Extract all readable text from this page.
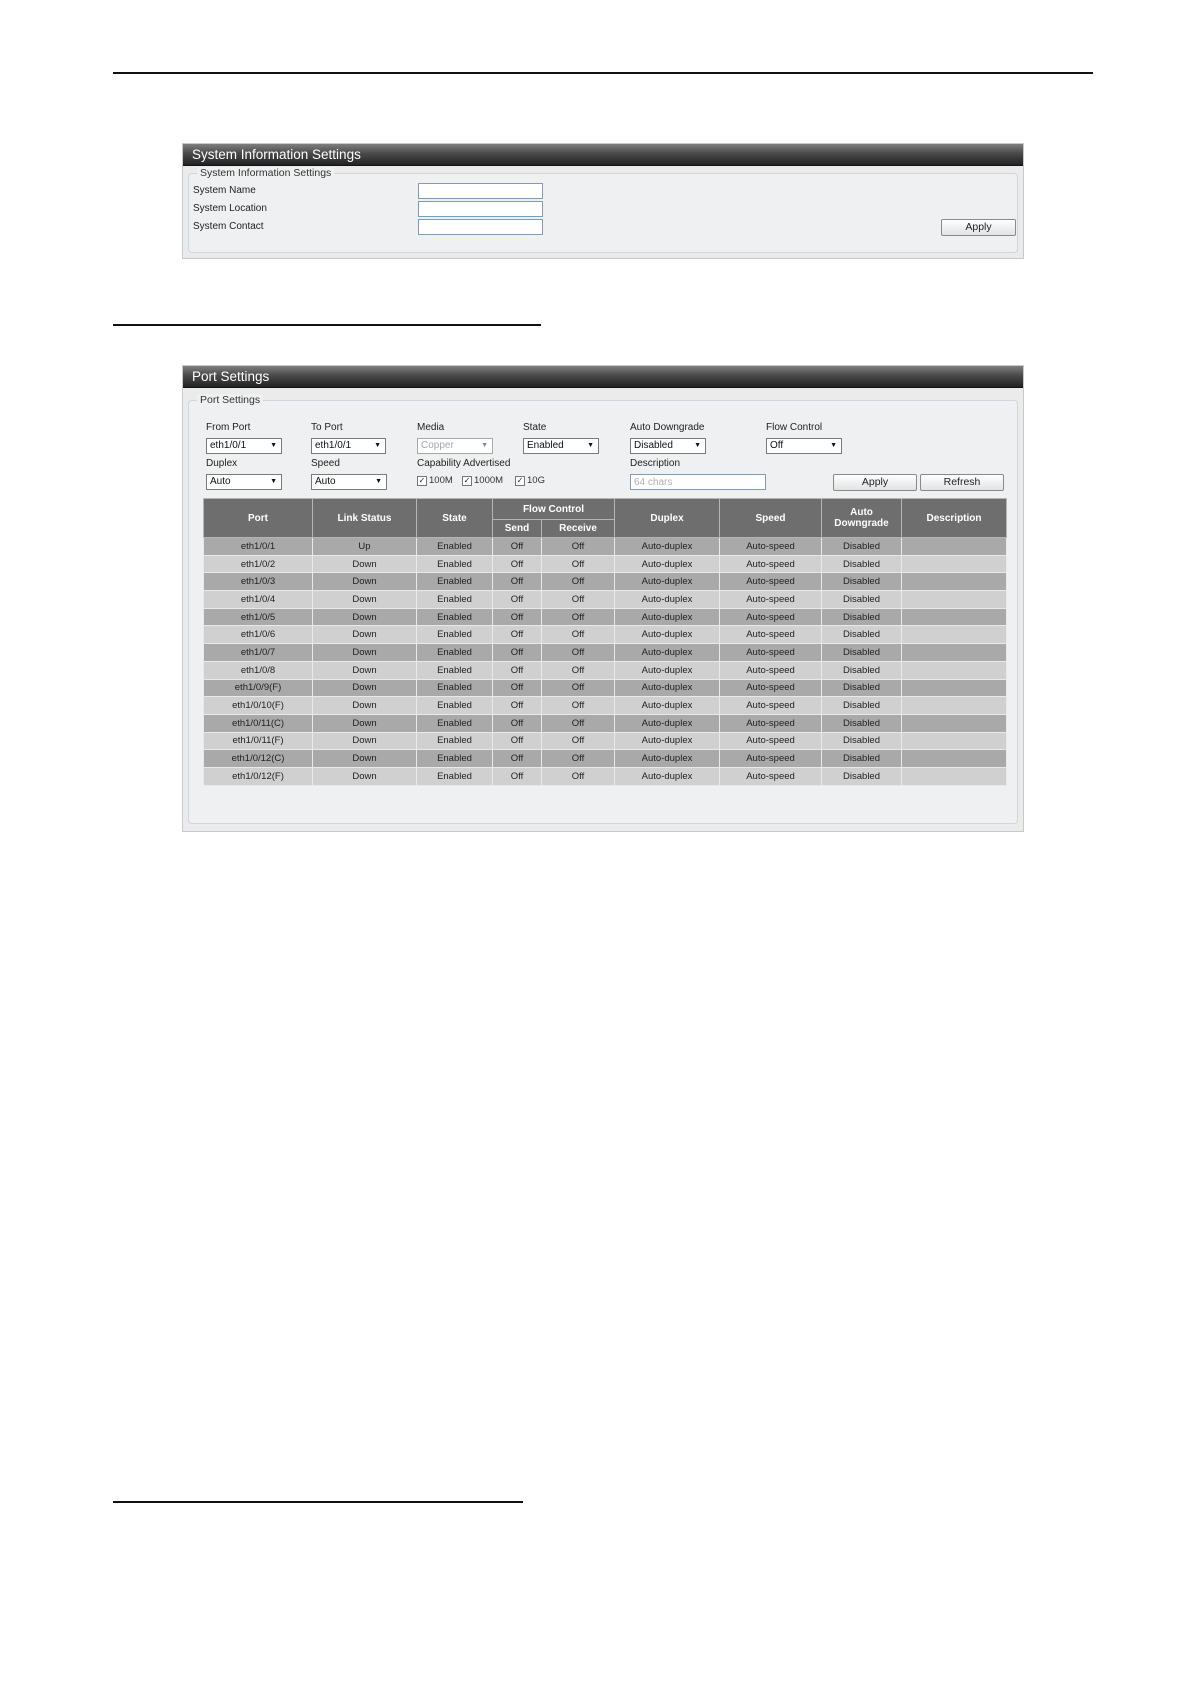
System Information Settings
System Information Settings
System Name
System Location
System Contact	Apply
Port Settings
Port Settings
From Port	To Port	Media	State	Auto Downgrade	Flow Control
eth1/0/1	▼	eth1/0/1	▼	Copper	▼	Enabled	▼	Disabled	▼	Off	▼
Duplex	Speed	Capability Advertised	Description
Auto	▼	Auto	▼	✓ 100M ✓ 1000M ✓ 10G
64 chars	Apply	Refresh
Port	Link Status	State	Flow Control		Duplex	Speed	Auto Downgrade	Description
			Send	Receive				
eth1/0/1	Up	Enabled	Off	Off	Auto-duplex	Auto-speed	Disabled	
eth1/0/2	Down	Enabled	Off	Off	Auto-duplex	Auto-speed	Disabled	
eth1/0/3	Down	Enabled	Off	Off	Auto-duplex	Auto-speed	Disabled	
eth1/0/4	Down	Enabled	Off	Off	Auto-duplex	Auto-speed	Disabled	
eth1/0/5	Down	Enabled	Off	Off	Auto-duplex	Auto-speed	Disabled	
eth1/0/6	Down	Enabled	Off	Off	Auto-duplex	Auto-speed	Disabled	
eth1/0/7	Down	Enabled	Off	Off	Auto-duplex	Auto-speed	Disabled	
eth1/0/8	Down	Enabled	Off	Off	Auto-duplex	Auto-speed	Disabled	
eth1/0/9(F)	Down	Enabled	Off	Off	Auto-duplex	Auto-speed	Disabled	
eth1/0/10(F)	Down	Enabled	Off	Off	Auto-duplex	Auto-speed	Disabled	
eth1/0/11(C)	Down	Enabled	Off	Off	Auto-duplex	Auto-speed	Disabled	
eth1/0/11(F)	Down	Enabled	Off	Off	Auto-duplex	Auto-speed	Disabled	
eth1/0/12(C)	Down	Enabled	Off	Off	Auto-duplex	Auto-speed	Disabled	
eth1/0/12(F)	Down	Enabled	Off	Off	Auto-duplex	Auto-speed	Disabled	
